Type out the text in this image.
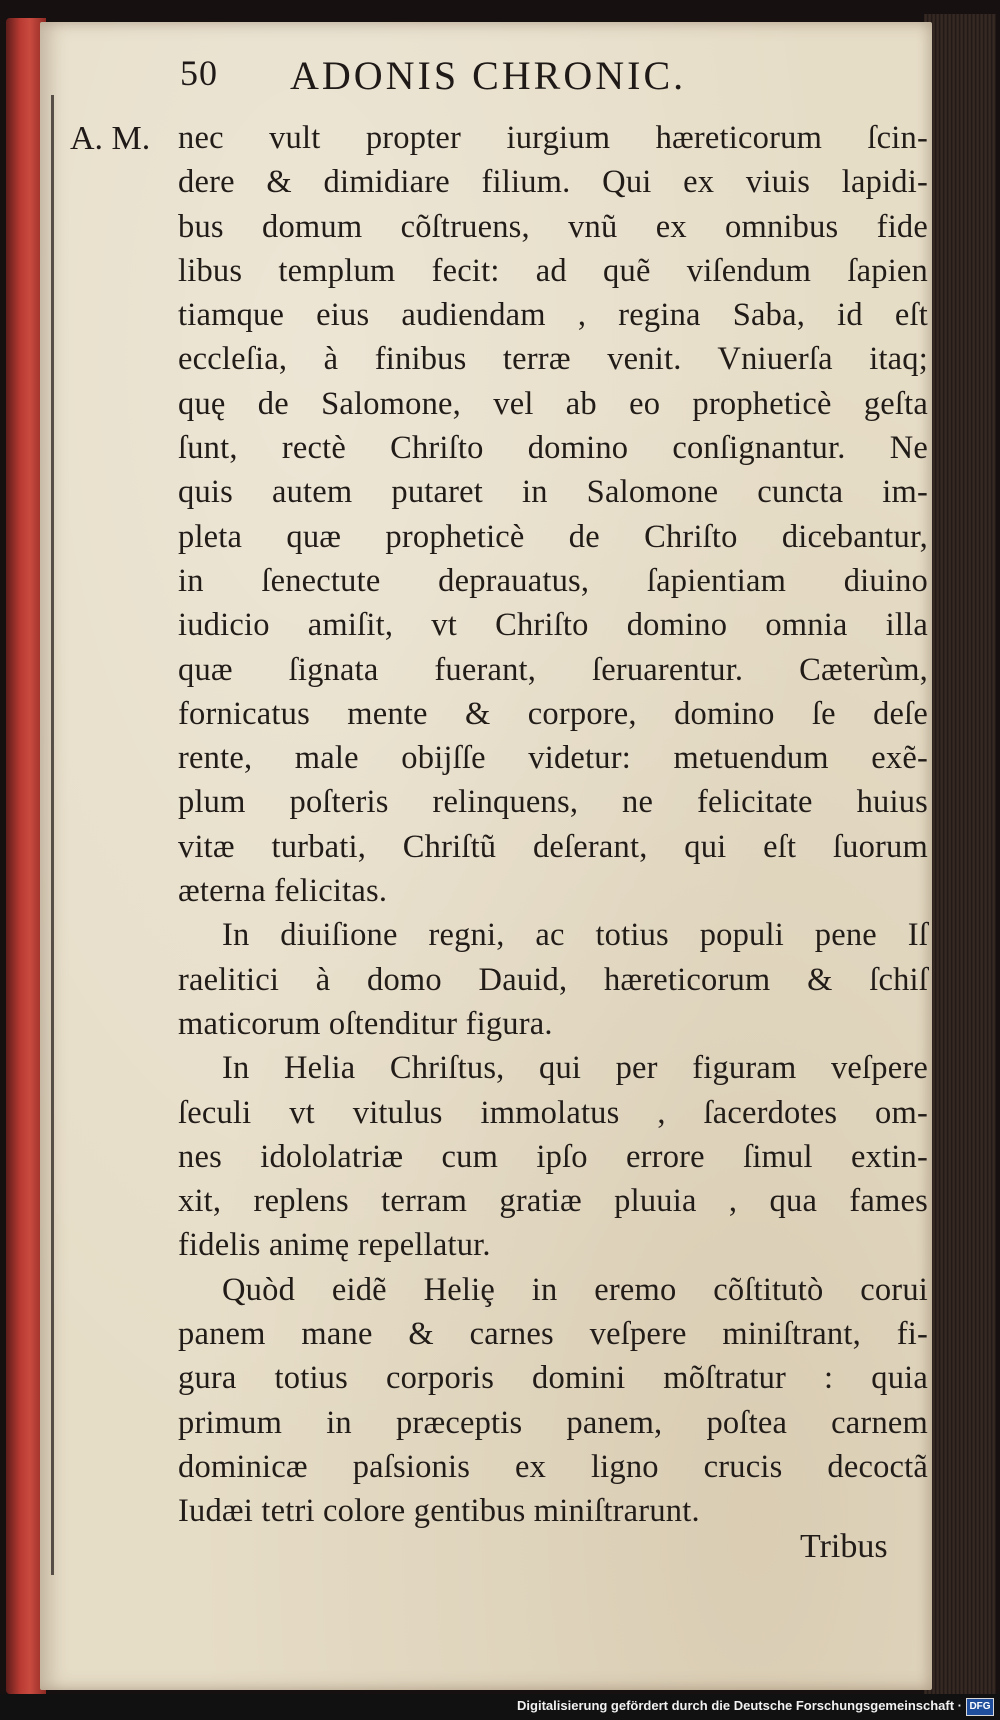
50 ADONIS CHRONIC.
A. M. nec vult propter iurgium hæreticorum ſcin-
dere & dimidiare filium. Qui ex viuis lapidi-
bus domum cõſtruens, vnũ ex omnibus fide
libus templum fecit: ad quẽ viſendum ſapien
tiamque eius audiendam , regina Saba, id eſt
eccleſia, à finibus terræ venit. Vniuerſa itaq;
quę de Salomone, vel ab eo propheticè geſta
ſunt, rectè Chriſto domino conſignantur. Ne
quis autem putaret in Salomone cuncta im-
pleta quæ propheticè de Chriſto dicebantur,
in ſenectute deprauatus, ſapientiam diuino
iudicio amiſit, vt Chriſto domino omnia illa
quæ ſignata fuerant, ſeruarentur. Cæterùm,
fornicatus mente & corpore, domino ſe deſe
rente, male obijſſe videtur: metuendum exẽ-
plum poſteris relinquens, ne felicitate huius
vitæ turbati, Chriſtũ deſerant, qui eſt ſuorum
æterna felicitas.
In diuiſione regni, ac totius populi pene Iſ
raelitici à domo Dauid, hæreticorum & ſchiſ
maticorum oſtenditur figura.
In Helia Chriſtus, qui per figuram veſpere
ſeculi vt vitulus immolatus , ſacerdotes om-
nes idololatriæ cum ipſo errore ſimul extin-
xit, replens terram gratiæ pluuia , qua fames
fidelis animę repellatur.
Quòd eidẽ Heliȩ in eremo cõſtitutò corui
panem mane & carnes veſpere miniſtrant, fi-
gura totius corporis domini mõſtratur : quia
primum in præceptis panem, poſtea carnem
dominicæ paſsionis ex ligno crucis decoctã
Iudæi tetri colore gentibus miniſtrarunt.
Tribus
Digitalisierung gefördert durch die Deutsche Forschungsgemeinschaft · DFG
